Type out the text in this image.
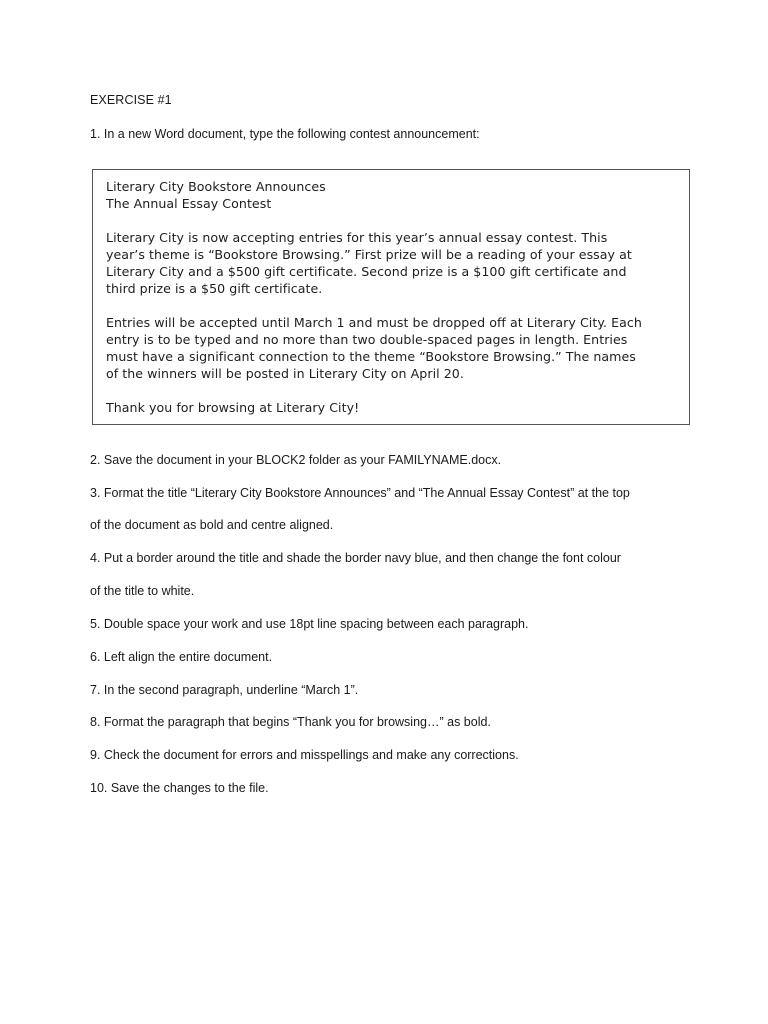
EXERCISE #1
1. In a new Word document, type the following contest announcement:

Literary City Bookstore Announces
The Annual Essay Contest

Literary City is now accepting entries for this year’s annual essay contest. This
year’s theme is “Bookstore Browsing.” First prize will be a reading of your essay at
Literary City and a $500 gift certificate. Second prize is a $100 gift certificate and
third prize is a $50 gift certificate.

Entries will be accepted until March 1 and must be dropped off at Literary City. Each
entry is to be typed and no more than two double-spaced pages in length. Entries
must have a significant connection to the theme “Bookstore Browsing.” The names
of the winners will be posted in Literary City on April 20.

Thank you for browsing at Literary City!

2. Save the document in your BLOCK2 folder as your FAMILYNAME.docx.
3. Format the title “Literary City Bookstore Announces” and “The Annual Essay Contest” at the top
of the document as bold and centre aligned.
4. Put a border around the title and shade the border navy blue, and then change the font colour
of the title to white.
5. Double space your work and use 18pt line spacing between each paragraph.
6. Left align the entire document.
7. In the second paragraph, underline “March 1”.
8. Format the paragraph that begins “Thank you for browsing…” as bold.
9. Check the document for errors and misspellings and make any corrections.
10. Save the changes to the file.
